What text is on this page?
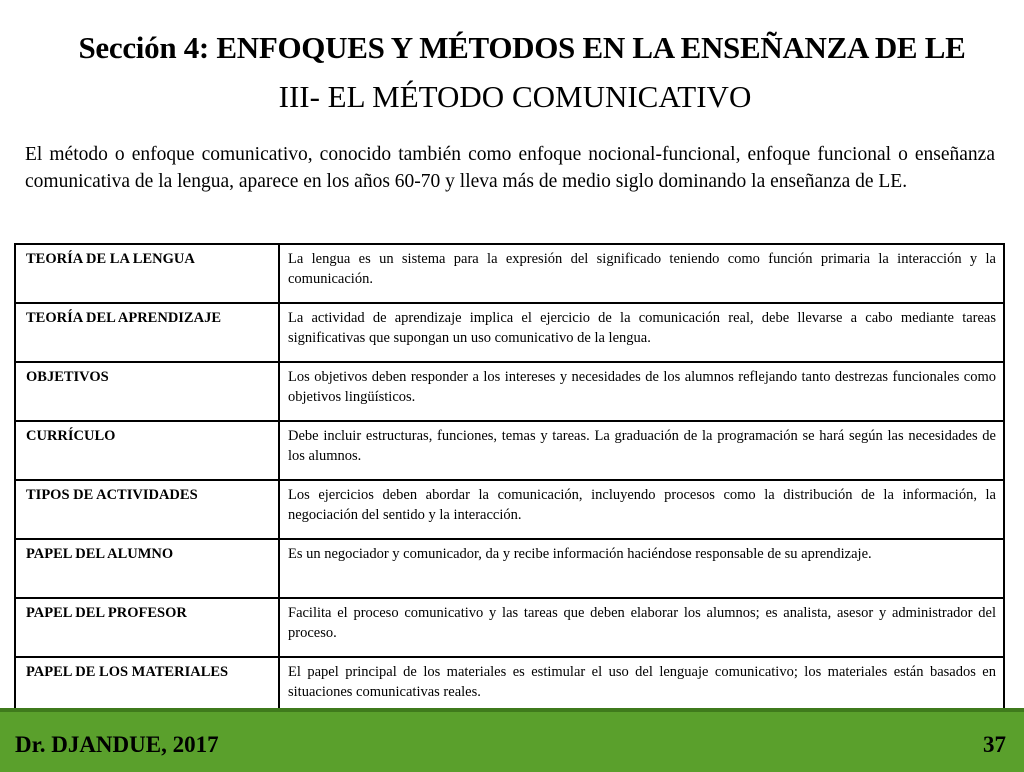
Sección 4: ENFOQUES Y MÉTODOS EN LA ENSEÑANZA DE LE
III- EL MÉTODO COMUNICATIVO
El método o enfoque comunicativo, conocido también como enfoque nocional-funcional, enfoque funcional o enseñanza comunicativa de la lengua, aparece en los años 60-70 y lleva más de medio siglo dominando la enseñanza de LE.
TEORÍA DE LA LENGUA	La lengua es un sistema para la expresión del significado teniendo como función primaria la interacción y la comunicación.
TEORÍA DEL APRENDIZAJE	La actividad de aprendizaje implica el ejercicio de la comunicación real, debe llevarse a cabo mediante tareas significativas que supongan un uso comunicativo de la lengua.
OBJETIVOS	Los objetivos deben responder a los intereses y necesidades de los alumnos reflejando tanto destrezas funcionales como objetivos lingüísticos.
CURRÍCULO	Debe incluir estructuras, funciones, temas y tareas. La graduación de la programación se hará según las necesidades de los alumnos.
TIPOS DE ACTIVIDADES	Los ejercicios deben abordar la comunicación, incluyendo procesos como la distribución de la información, la negociación del sentido y la interacción.
PAPEL DEL ALUMNO	Es un negociador y comunicador, da y recibe información haciéndose responsable de su aprendizaje.
PAPEL DEL PROFESOR	Facilita el proceso comunicativo y las tareas que deben elaborar los alumnos; es analista, asesor y administrador del proceso.
PAPEL DE LOS MATERIALES	El papel principal de los materiales es estimular el uso del lenguaje comunicativo; los materiales están basados en situaciones comunicativas reales.
Dr. DJANDUE, 2017	37
